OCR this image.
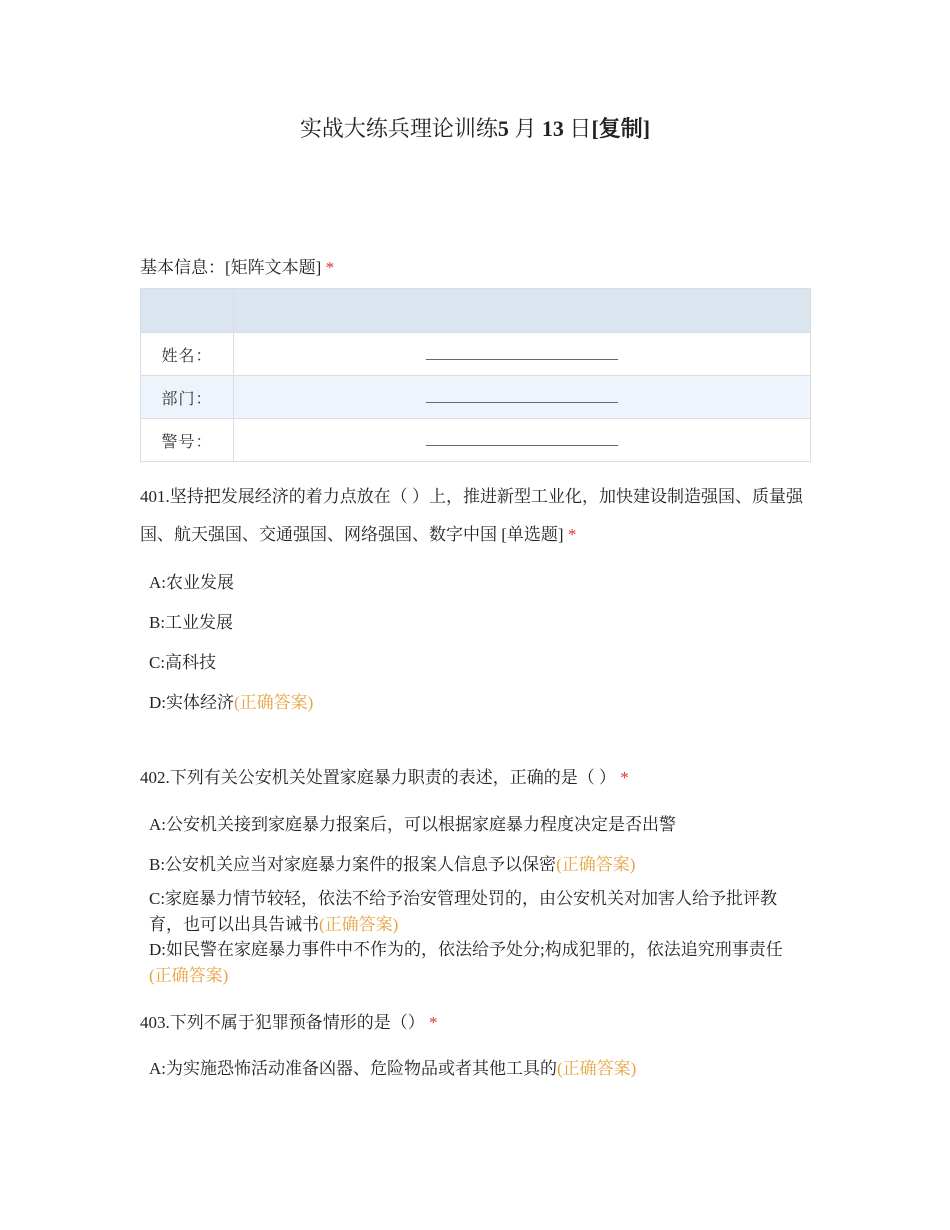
实战大练兵理论训练5 月 13 日[复制]
基本信息：[矩阵文本题] *

姓名：	________________________
部门：	________________________
警号：	________________________
401.坚持把发展经济的着力点放在（ ）上，推进新型工业化，加快建设制造强国、质量强国、航天强国、交通强国、网络强国、数字中国 [单选题] *
A:农业发展
B:工业发展
C:高科技
D:实体经济(正确答案)
402.下列有关公安机关处置家庭暴力职责的表述，正确的是（ ） *
A:公安机关接到家庭暴力报案后，可以根据家庭暴力程度决定是否出警
B:公安机关应当对家庭暴力案件的报案人信息予以保密(正确答案)
C:家庭暴力情节较轻，依法不给予治安管理处罚的，由公安机关对加害人给予批评教育，也可以出具告诫书(正确答案)
D:如民警在家庭暴力事件中不作为的，依法给予处分;构成犯罪的，依法追究刑事责任(正确答案)
403.下列不属于犯罪预备情形的是（） *
A:为实施恐怖活动准备凶器、危险物品或者其他工具的(正确答案)
